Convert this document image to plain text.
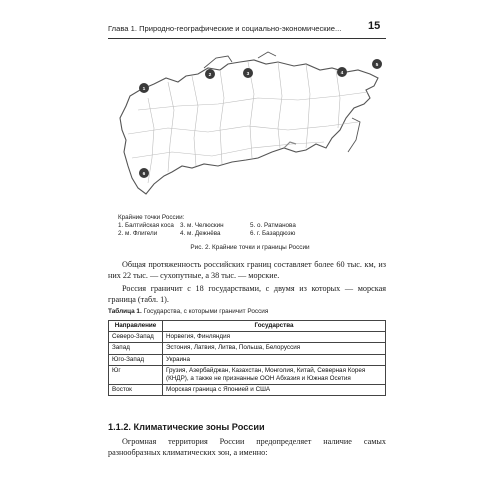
Глава 1. Природно-географические и социально-экономические...	15
1
2	3	4
5
6
Крайние точки России:
1. Балтийская коса
2. м. Флигели
3. м. Челюскин
4. м. Дежнёва
5. о. Ратманова
6. г. Базардюзю
Рис. 2. Крайние точки и границы России
Общая протяженность российских границ составляет более 60 тыс. км, из них 22 тыс. — сухопутные, а 38 тыс. — морские.
Россия граничит с 18 государствами, с двумя из которых — морская граница (табл. 1).
Таблица 1. Государства, с которыми граничит Россия
Направление	Государства
Северо-Запад	Норвегия, Финляндия
Запад	Эстония, Латвия, Литва, Польша, Белоруссия
Юго-Запад	Украина
Юг	Грузия, Азербайджан, Казахстан, Монголия, Китай, Северная Корея (КНДР), а также не признанные ООН Абхазия и Южная Осетия
Восток	Морская граница с Японией и США
1.1.2. Климатические зоны России
Огромная территория России предопределяет наличие самых разнообразных климатических зон, а именно:
